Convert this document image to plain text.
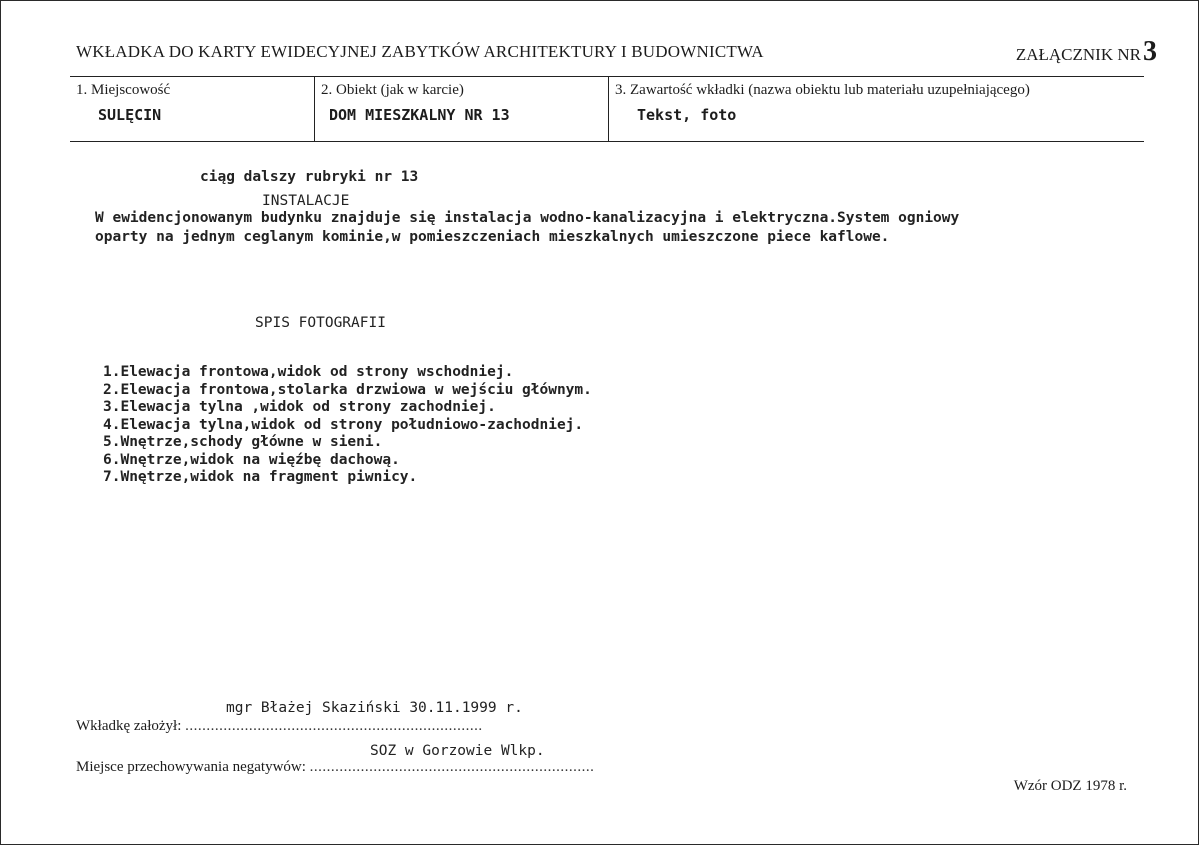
WKŁADKA DO KARTY EWIDECYJNEJ ZABYTKÓW ARCHITEKTURY I BUDOWNICTWA	ZAŁĄCZNIK NR 3
1. Miejscowość
SULĘCIN
2. Obiekt (jak w karcie)
DOM MIESZKALNY NR 13
3. Zawartość wkładki (nazwa obiektu lub materiału uzupełniającego)
Tekst, foto
ciąg dalszy rubryki nr 13
INSTALACJE
W ewidencjonowanym budynku znajduje się instalacja wodno-kanalizacyjna i elektryczna.System ogniowy
oparty na jednym ceglanym kominie,w pomieszczeniach mieszkalnych umieszczone piece kaflowe.
SPIS FOTOGRAFII
1.Elewacja frontowa,widok od strony wschodniej.
2.Elewacja frontowa,stolarka drzwiowa w wejściu głównym.
3.Elewacja tylna ,widok od strony zachodniej.
4.Elewacja tylna,widok od strony południowo-zachodniej.
5.Wnętrze,schody główne w sieni.
6.Wnętrze,widok na więźbę dachową.
7.Wnętrze,widok na fragment piwnicy.
mgr Błażej Skaziński 30.11.1999 r.
Wkładkę założył: ......................................................................
SOZ w Gorzowie Wlkp.
Miejsce przechowywania negatywów: ...................................................................
Wzór ODZ 1978 r.
